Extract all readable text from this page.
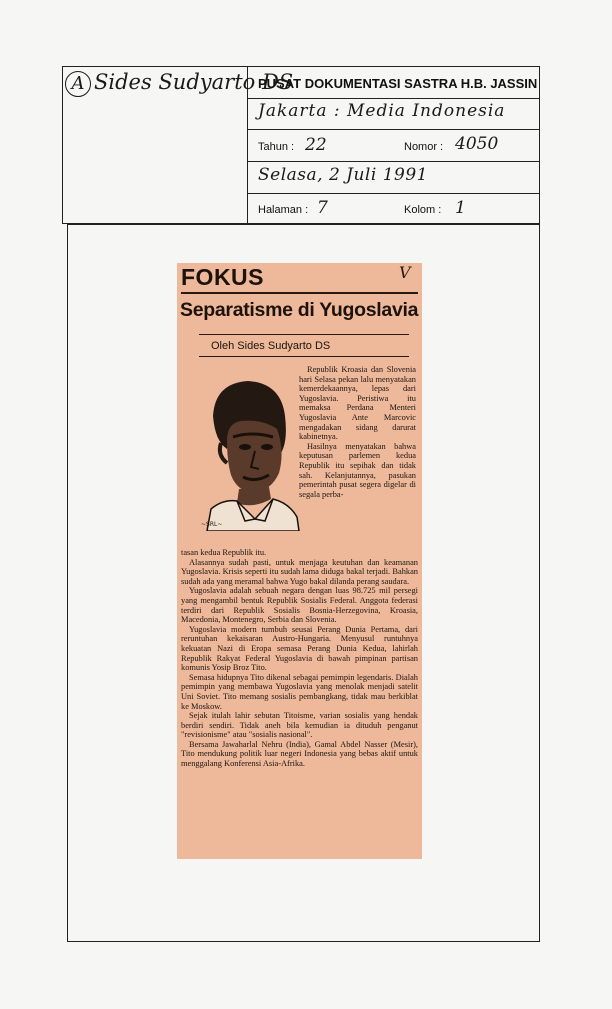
A Sides Sudyarto DS
PUSAT DOKUMENTASI SASTRA H.B. JASSIN
Jakarta : Media Indonesia
Tahun : 22	Nomor : 4050
Selasa, 2 Juli 1991
Halaman : 7	Kolom : 1
FOKUS	V
Separatisme di Yugoslavia
Oleh Sides Sudyarto DS
~SRL~

Republik Kroasia dan Slovenia hari Selasa pekan lalu menyatakan kemerdekaannya, lepas dari Yugoslavia. Peristiwa itu memaksa Perdana Menteri Yugoslavia Ante Marcovic mengadakan sidang darurat kabinetnya.

Hasilnya menyatakan bahwa keputusan parlemen kedua Republik itu sepihak dan tidak sah. Kelanjutannya, pasukan pemerintah pusat segera digelar di segala perba-

tasan kedua Republik itu.

Alasannya sudah pasti, untuk menjaga keutuhan dan keamanan Yugoslavia. Krisis seperti itu sudah lama diduga bakal terjadi. Bahkan sudah ada yang meramal bahwa Yugo bakal dilanda perang saudara.

Yugoslavia adalah sebuah negara dengan luas 98.725 mil persegi yang mengambil bentuk Republik Sosialis Federal. Anggota federasi terdiri dari Republik Sosialis Bosnia-Herzegovina, Kroasia, Macedonia, Montenegro, Serbia dan Slovenia.

Yugoslavia modern tumbuh seusai Perang Dunia Pertama, dari reruntuhan kekaisaran Austro-Hungaria. Menyusul runtuhnya kekuatan Nazi di Eropa semasa Perang Dunia Kedua, lahirlah Republik Rakyat Federal Yugoslavia di bawah pimpinan partisan komunis Yosip Broz Tito.

Semasa hidupnya Tito dikenal sebagai pemimpin legendaris. Dialah pemimpin yang membawa Yugoslavia yang menolak menjadi satelit Uni Soviet. Tito memang sosialis pembangkang, tidak mau berkiblat ke Moskow.

Sejak itulah lahir sebutan Titoisme, varian sosialis yang hendak berdiri sendiri. Tidak aneh bila kemudian ia dituduh penganut "revisionisme" atau "sosialis nasional".

Bersama Jawaharlal Nehru (India), Gamal Abdel Nasser (Mesir), Tito mendukung politik luar negeri Indonesia yang bebas aktif untuk menggalang Konferensi Asia-Afrika.
